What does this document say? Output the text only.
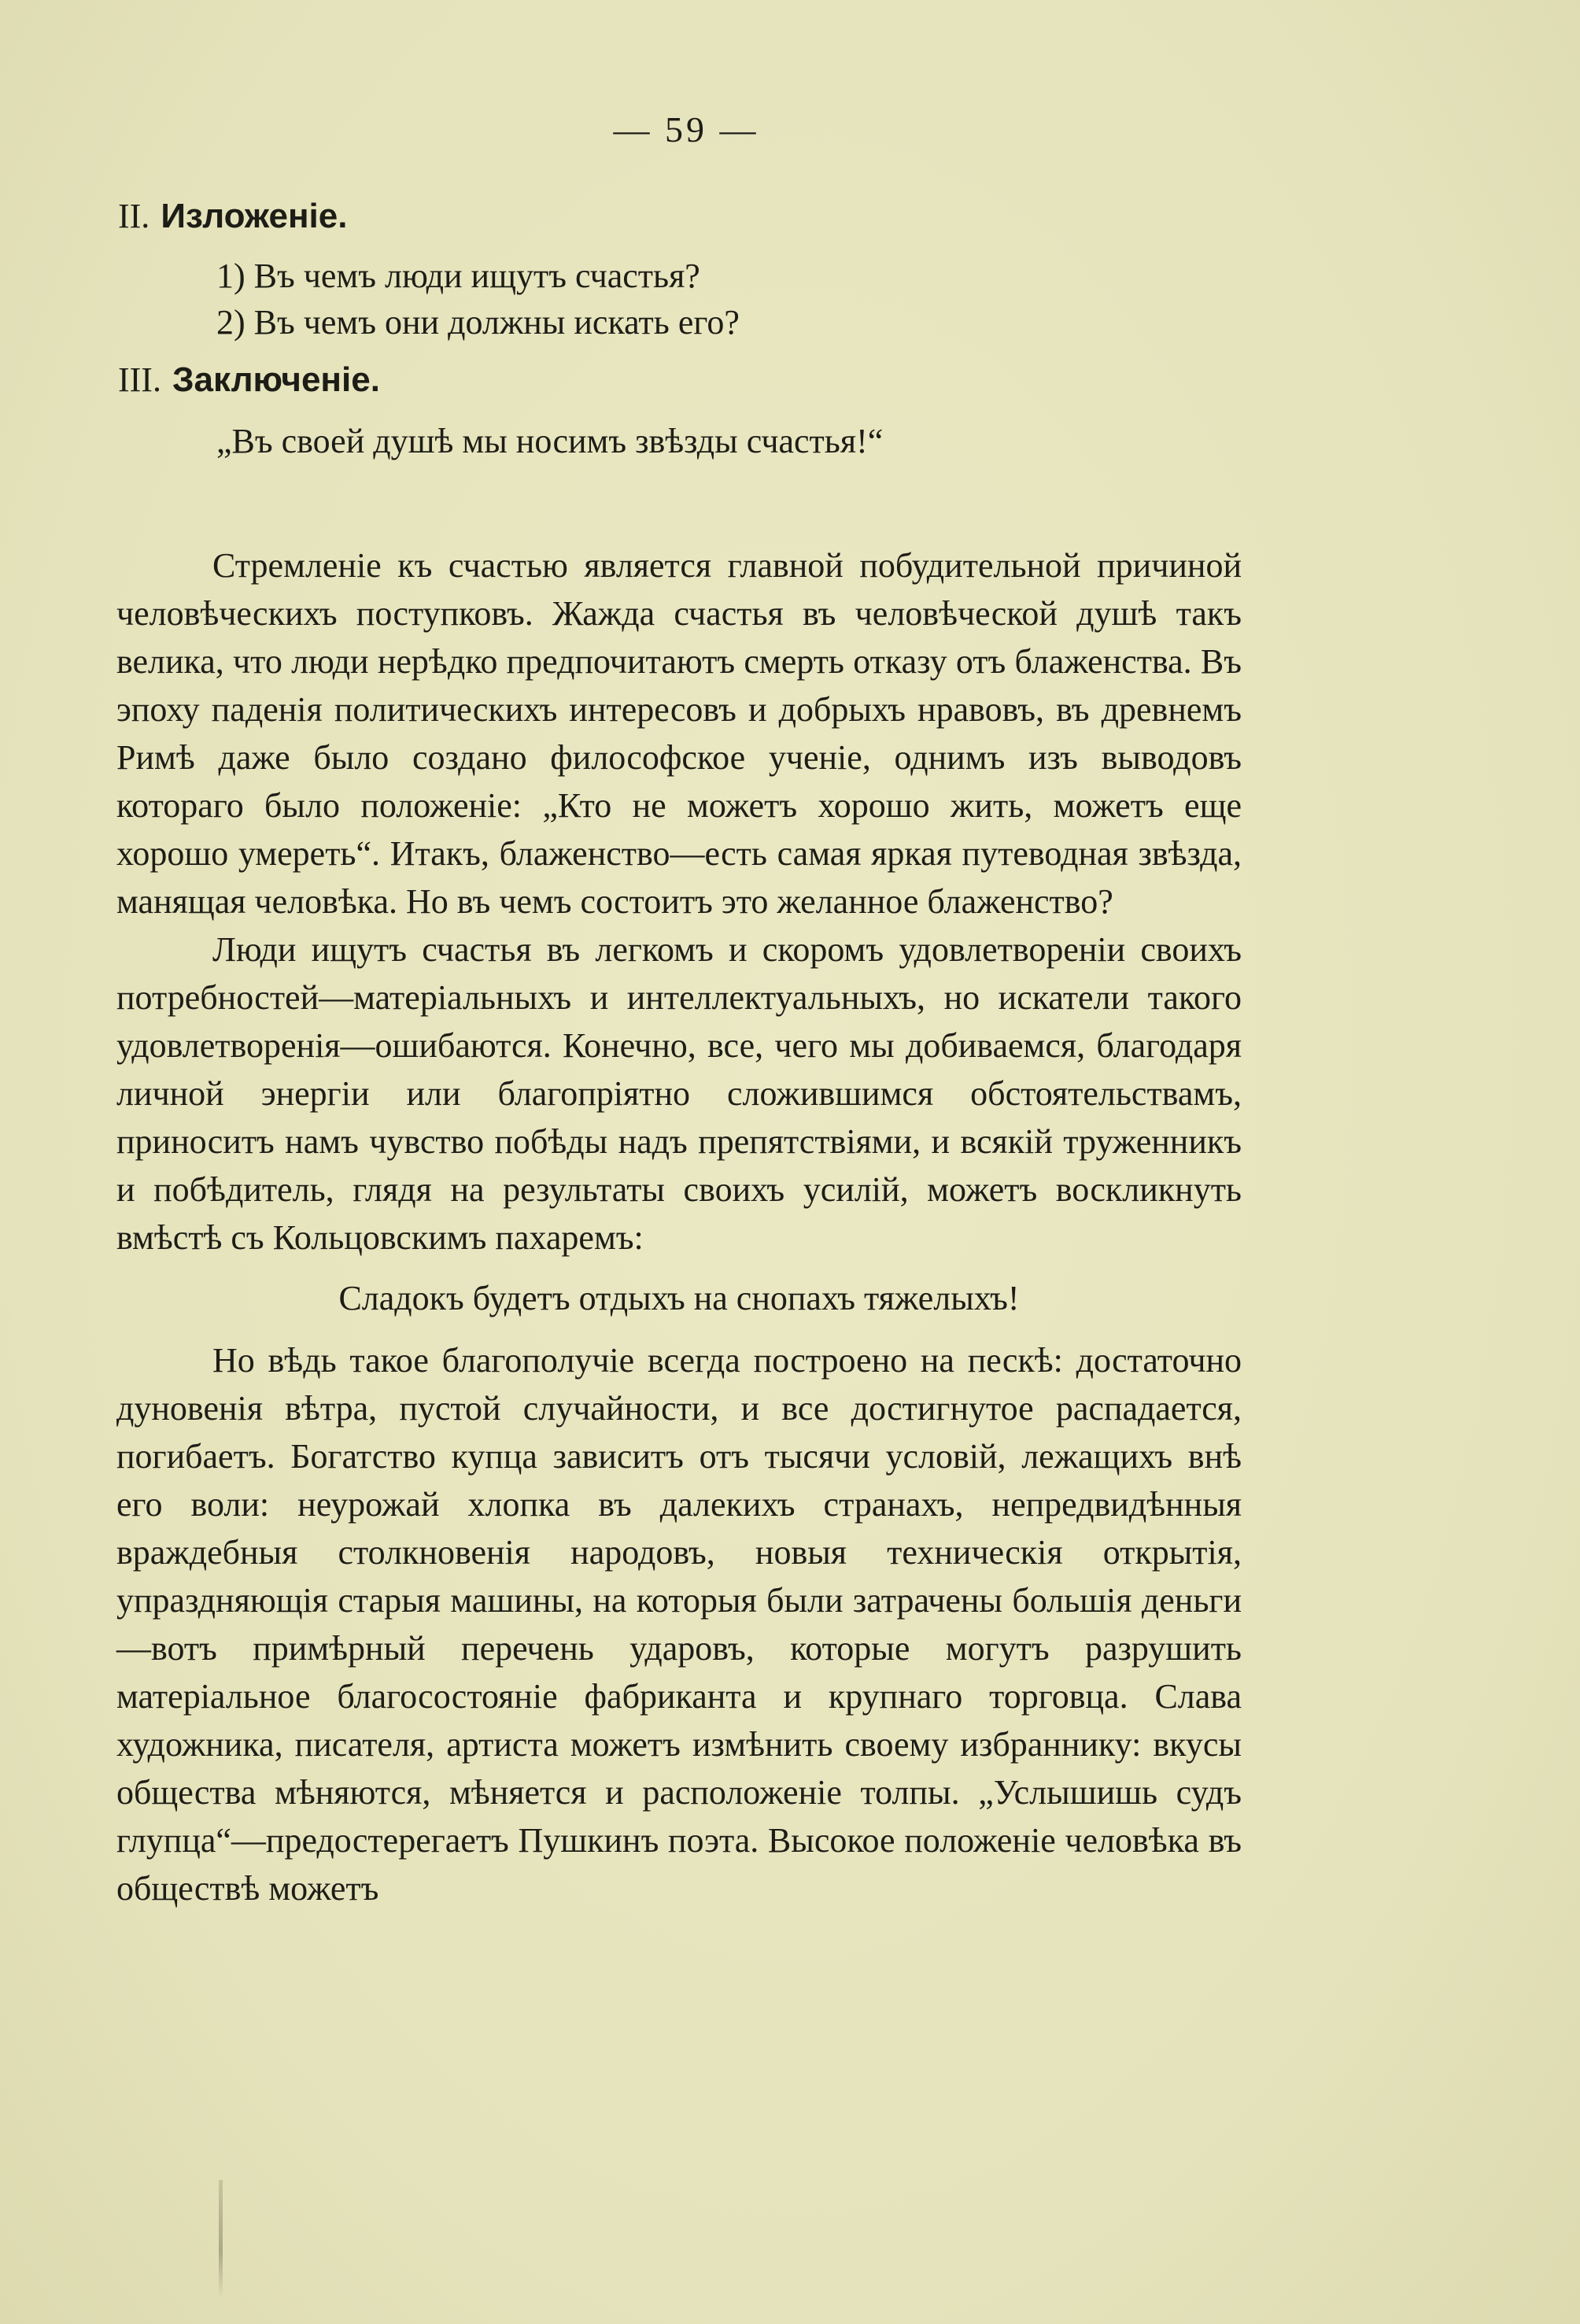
— 59 —
II. Изложеніе.
1) Въ чемъ люди ищутъ счастья?
2) Въ чемъ они должны искать его?
III. Заключеніе.
„Въ своей душѣ мы носимъ звѣзды счастья!“

Стремленіе къ счастью является главной побудительной причиной человѣческихъ поступковъ. Жажда счастья въ человѣческой душѣ такъ велика, что люди нерѣдко предпочитаютъ смерть отказу отъ блаженства. Въ эпоху паденія политическихъ интересовъ и добрыхъ нравовъ, въ древнемъ Римѣ даже было создано философское ученіе, однимъ изъ выводовъ котораго было положеніе: „Кто не можетъ хорошо жить, можетъ еще хорошо умереть“. Итакъ, блаженство—есть самая яркая путеводная звѣзда, манящая человѣка. Но въ чемъ состоитъ это желанное блаженство?

Люди ищутъ счастья въ легкомъ и скоромъ удовлетвореніи своихъ потребностей—матеріальныхъ и интеллектуальныхъ, но искатели такого удовлетворенія—ошибаются. Конечно, все, чего мы добиваемся, благодаря личной энергіи или благопріятно сложившимся обстоятельствамъ, приноситъ намъ чувство побѣды надъ препятствіями, и всякій труженникъ и побѣдитель, глядя на результаты своихъ усилій, можетъ воскликнуть вмѣстѣ съ Кольцовскимъ пахаремъ:

Сладокъ будетъ отдыхъ на снопахъ тяжелыхъ!

Но вѣдь такое благополучіе всегда построено на пескѣ: достаточно дуновенія вѣтра, пустой случайности, и все достигнутое распадается, погибаетъ. Богатство купца зависитъ отъ тысячи условій, лежащихъ внѣ его воли: неурожай хлопка въ далекихъ странахъ, непредвидѣнныя враждебныя столкновенія народовъ, новыя техническія открытія, упраздняющія старыя машины, на которыя были затрачены большія деньги—вотъ примѣрный перечень ударовъ, которые могутъ разрушить матеріальное благосостояніе фабриканта и крупнаго торговца. Слава художника, писателя, артиста можетъ измѣнить своему избраннику: вкусы общества мѣняются, мѣняется и расположеніе толпы. „Услышишь судъ глупца“—предостерегаетъ Пушкинъ поэта. Высокое положеніе человѣка въ обществѣ можетъ
